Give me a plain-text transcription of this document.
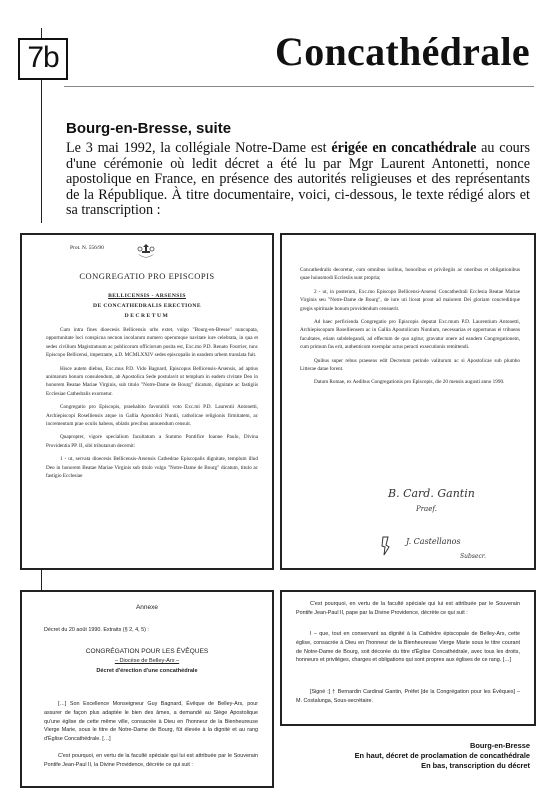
7b	Concathédrale
Bourg-en-Bresse, suite
Le 3 mai 1992, la collégiale Notre-Dame est érigée en concathédrale au cours d'une cérémonie où ledit décret a été lu par Mgr Laurent Antonetti, nonce apostolique en France, en présence des autorités religieuses et des représentants de la République. À titre documentaire, voici, ci-dessous, le texte rédigé alors et sa transcription :
Prot. N. 556/90
CONGREGATIO PRO EPISCOPIS
BELLICENSIS - ARSENSIS
DE CONCATHEDRALIS ERECTIONE
DECRETUM

Cum intra fines dioecesis Bellicensis urbs extet, vulgo "Bourg-en-Bresse" nuncupata, opportunitate loci conspicua necnon incolarum numero operumque navitate iure celebrata, in qua et sedes civilium Magistratuum ac publicorum officiorum posita est, Exc.mo P.D. Renato Fourrier, tunc Episcopo Bellicensi, impetrante, a.D. MCMLXXIV sedes episcopalis in eandem urbem translata fuit.

Hisce autem diebus, Exc.mus P.D. Vido Bagnard, Episcopus Bellicensis-Arsensis, ad aptius animarum bonum consulendum, ab Apostolica Sede postulavit ut templum in eadem civitate Deo in honorem Beatae Mariae Virginis, sub titulo "Notre-Dame de Bourg" dicatum, dignitate ac fastigiis Ecclesiae Cathedralis exornetur.

Congregatio pro Episcopis, praehabito favorabili voto Exc.mi P.D. Laurentii Antonetti, Archiepiscopi Roselliensis atque in Gallia Apostolici Nuntii, catholicae religionis firmitatem, ac incrementum prae oculis habens, oblatis precibus annuendum censuit.

Quapropter, vigore specialium facultatum a Summo Pontifice Ioanne Paulo, Divina Providentia PP. II, sibi tributarum decernit:

1 - ut, servata dioecesis Bellicensis-Arsensis Cathedrae Episcopalis dignitate, templum illud Deo in honorem Beatae Mariae Virginis sub titulo vulgo "Notre-Dame de Bourg" dicatum, titulo ac fastigio Ecclesiae

Concathedralis decoretur, cum omnibus iuribus, honoribus et privilegiis ac oneribus et obligationibus quae huiusmodi Ecclesiis sunt propria;

2 - ut, in posterum, Exc.mo Episcopo Bellicensi-Arsensi Concathedrali Ecclesia Beatae Mariae Virginis seu "Notre-Dame de Bourg", de iure uti liceat prout ad maiorem Dei gloriam concreditique gregis spirituale bonum providendum censuerit.

Ad haec perficienda Congregatio pro Episcopis deputat Exc.mum P.D. Laurentium Antonetti, Archiepiscopum Roselliensem ac in Gallia Apostolicum Nuntium, necessarias et opportunas ei tribuens facultates, etiam subdelegandi, ad effectum de quo agitur, gravatur onere ad eandem Congregationem, cum primum fas erit, authenticum exemplar actus peracti exsecutionis remittendi.

Quibus super rebus praesens edit Decretum perinde valiturum ac si Apostolicae sub plumbo Litterae datae forent.

Datum Romae, ex Aedibus Congregationis pro Episcopis, die 20 mensis augusti anno 1990.

B. Card. Gantin
Praef.
J. Castellanos
Subsecr.
Annexe
Décret du 20 août 1990. Extraits (§ 2, 4, 5) :
CONGRÉGATION POUR LES ÉVÊQUES
– Diocèse de Belley-Ars –
Décret d'érection d'une concathédrale
[…] Son Excellence Monseigneur Guy Bagnard, Évêque de Belley-Ars, pour assurer de façon plus adaptée le bien des âmes, a demandé au Siège Apostolique qu'une église de cette même ville, consacrée à Dieu en l'honneur de la Bienheureuse Vierge Marie, sous le titre de Notre-Dame de Bourg, fût élevée à la dignité et au rang d'Église Concathédrale. […]
C'est pourquoi, en vertu de la faculté spéciale qui lui est attribuée par le Souverain Pontife Jean-Paul II, la Divine Providence, décrète ce qui suit :
C'est pourquoi, en vertu de la faculté spéciale qui lui est attribuée par le Souverain Pontife Jean-Paul II, pape par la Divine Providence, décrète ce qui suit :
I – que, tout en conservant sa dignité à la Cathèdre épiscopale de Belley-Ars, cette église, consacrée à Dieu en l'honneur de la Bienheureuse Vierge Marie sous le titre courant de Notre-Dame de Bourg, soit décorée du titre d'Église Concathédrale, avec tous les droits, honneurs et privilèges, charges et obligations qui sont propres aux églises de ce rang. […]
[Signé :] † Bernardin Cardinal Gantin, Préfet [de la Congrégation pour les Évêques] – M. Costalunga, Sous-secrétaire.
Bourg-en-Bresse
En haut, décret de proclamation de concathédrale
En bas, transcription du décret
